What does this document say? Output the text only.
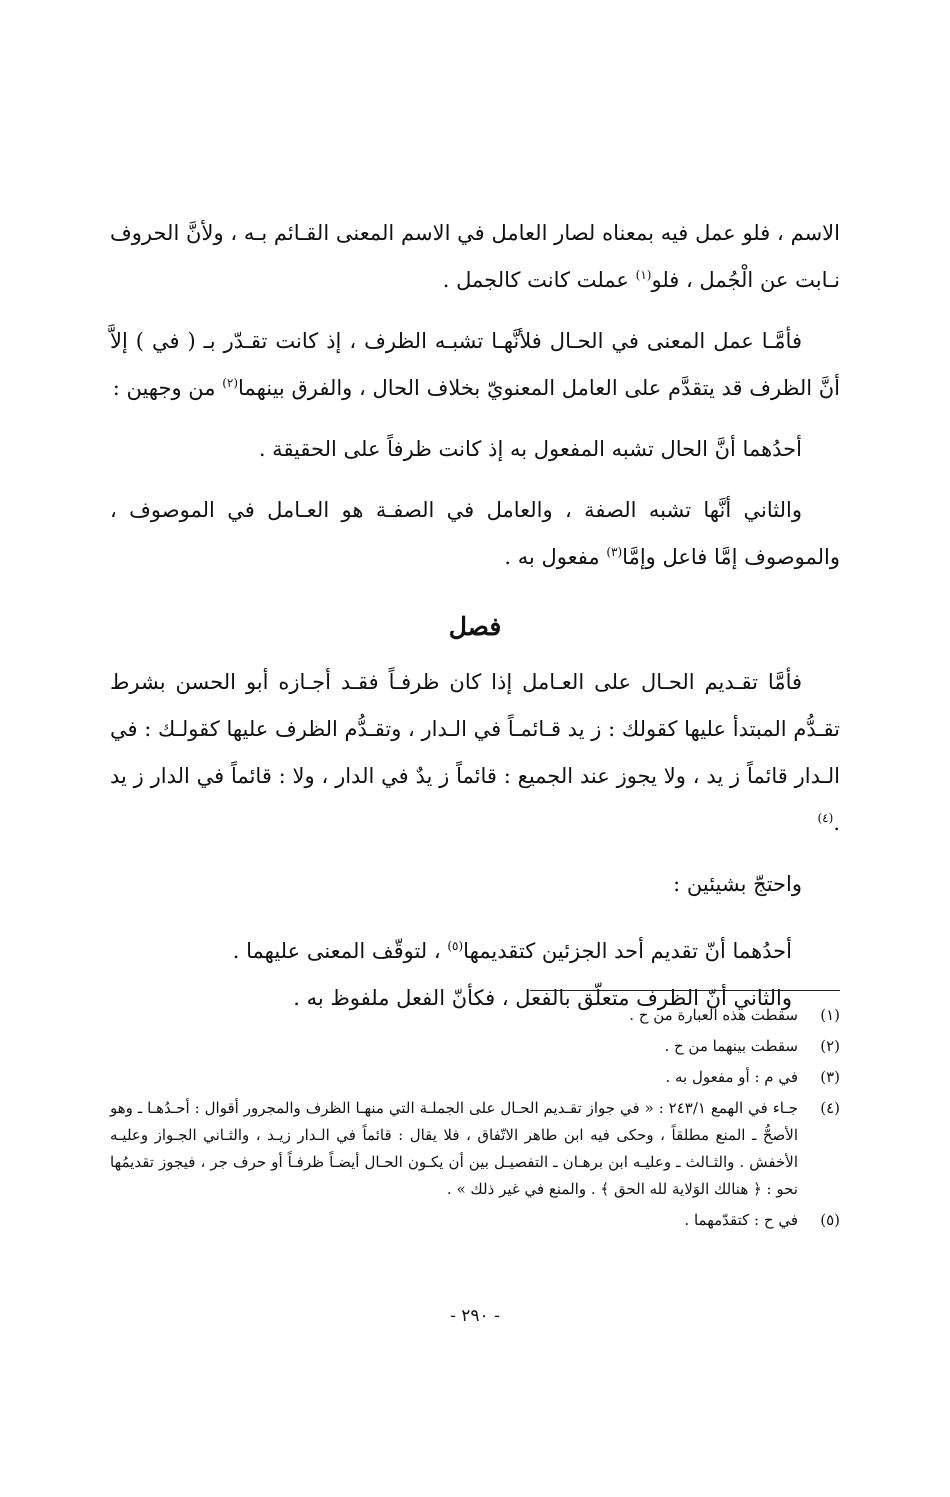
الاسم ، فلو عمل فيه بمعناه لصار العامل في الاسم المعنى القـائم بـه ، ولأنَّ الحروف نـابت عن الْجُمل ، فلو$^{(١)}$ عملت كانت كالجمل .

فأمَّـا عمل المعنى في الحـال فلأنَّهـا تشبـه الظرف ، إذ كانت تقـدّر بـ ( في ) إلاَّ أنَّ الظرف قد يتقدَّم على العامل المعنويّ بخلاف الحال ، والفرق بينهما$^{(٢)}$ من وجهين :

أحدُهما أنَّ الحال تشبه المفعول به إذ كانت ظرفاً على الحقيقة .

والثاني أنَّها تشبه الصفة ، والعامل في الصفـة هو العـامل في الموصوف ، والموصوف إمَّا فاعل وإمَّا$^{(٣)}$ مفعول به .

فصل

فأمَّا تقـديم الحـال على العـامل إذا كان ظرفـاً فقـد أجـازه أبو الحسن بشرط تقـدُّم المبتدأ عليها كقولك : ز يد قـائمـاً في الـدار ، وتقـدُّم الظرف عليها كقولـك : في الـدار قائماً ز يد ، ولا يجوز عند الجميع : قائماً ز يدٌ في الدار ، ولا : قائماً في الدار ز يد .$^{(٤)}$

واحتجّ بشيئين :

أحدُهما أنّ تقديم أحد الجزئين كتقديمها$^{(٥)}$ ، لتوقّف المعنى عليهما .

والثاني أنّ الظرف متعلّق بالفعل ، فكأنّ الفعل ملفوظ به .

(١)
سقطت هذه العبارة من ح .
(٢)
سقطت بينهما من ح .
(٣)
في م : أو مفعول به .
(٤)
جـاء في الهمع ٢٤٣/١ : « في جواز تقـديم الحـال على الجملـة التي منهـا الظرف والمجرور أقوال : أحـدُهـا ـ وهو الأصحُّ ـ المنع مطلقاً ، وحكى فيه ابن طاهر الاتّفاق ، فلا يقال : قائماً في الـدار زيـد ، والثـاني الجـواز وعليـه الأخفش . والثـالث ـ وعليـه ابن برهـان ـ التفصيـل بين أن يكـون الحـال أيضـاً ظرفـاً أو حرف جر ، فيجوز تقديمُها نحو : ﴿ هنالك الوَلاية لله الحق ﴾ . والمنع في غير ذلك » .
(٥)
في ح : كتقدّمهما .
- ٢٩٠ -
